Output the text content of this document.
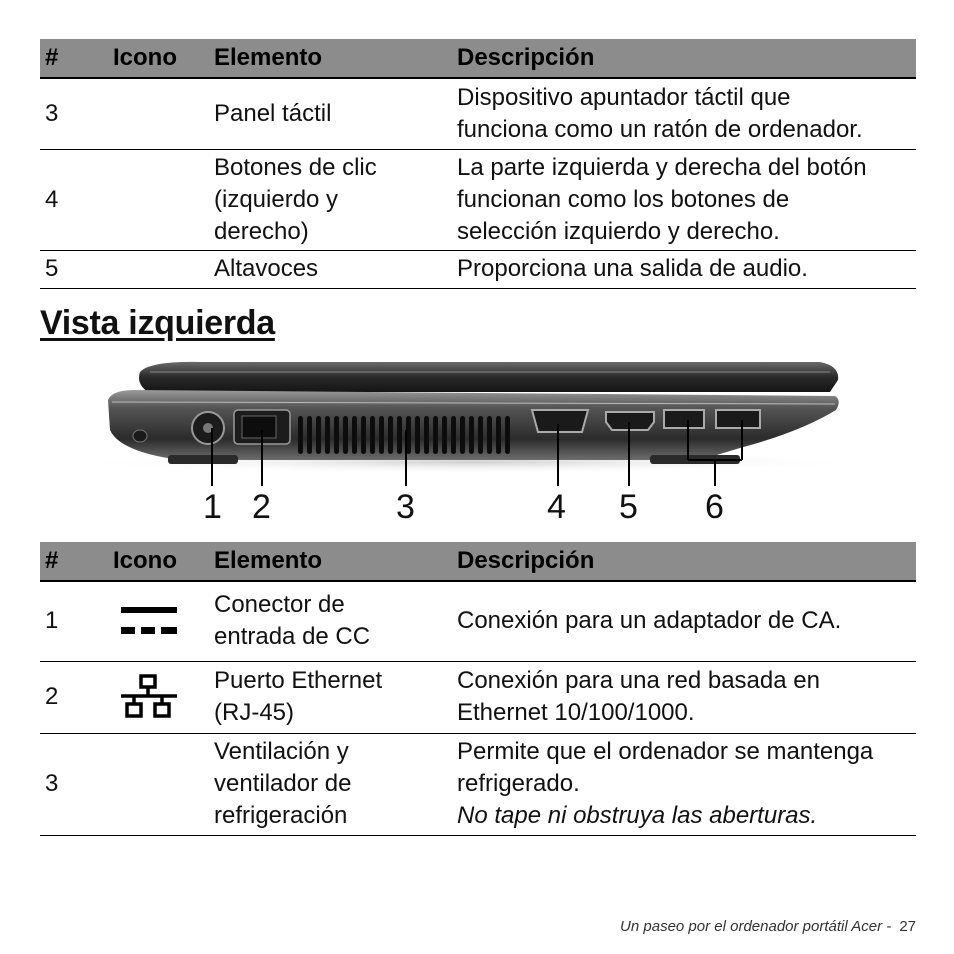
#	Icono	Elemento	Descripción
3		Panel táctil	Dispositivo apuntador táctil que
funciona como un ratón de ordenador.

4		Botones de clic
(izquierdo y
derecho)	La parte izquierda y derecha del botón
funcionan como los botones de
selección izquierdo y derecho.

5		Altavoces	Proporciona una salida de audio.
Vista izquierda
1 2	3	4 5 6
#	Icono	Elemento	Descripción
1		Conector de
entrada de CC	Conexión para un adaptador de CA.
2		Puerto Ethernet
(RJ-45)	Conexión para una red basada en
Ethernet 10/100/1000.

3		Ventilación y
ventilador de
refrigeración	Permite que el ordenador se mantenga
refrigerado.
No tape ni obstruya las aberturas.
Un paseo por el ordenador portátil Acer - 27
